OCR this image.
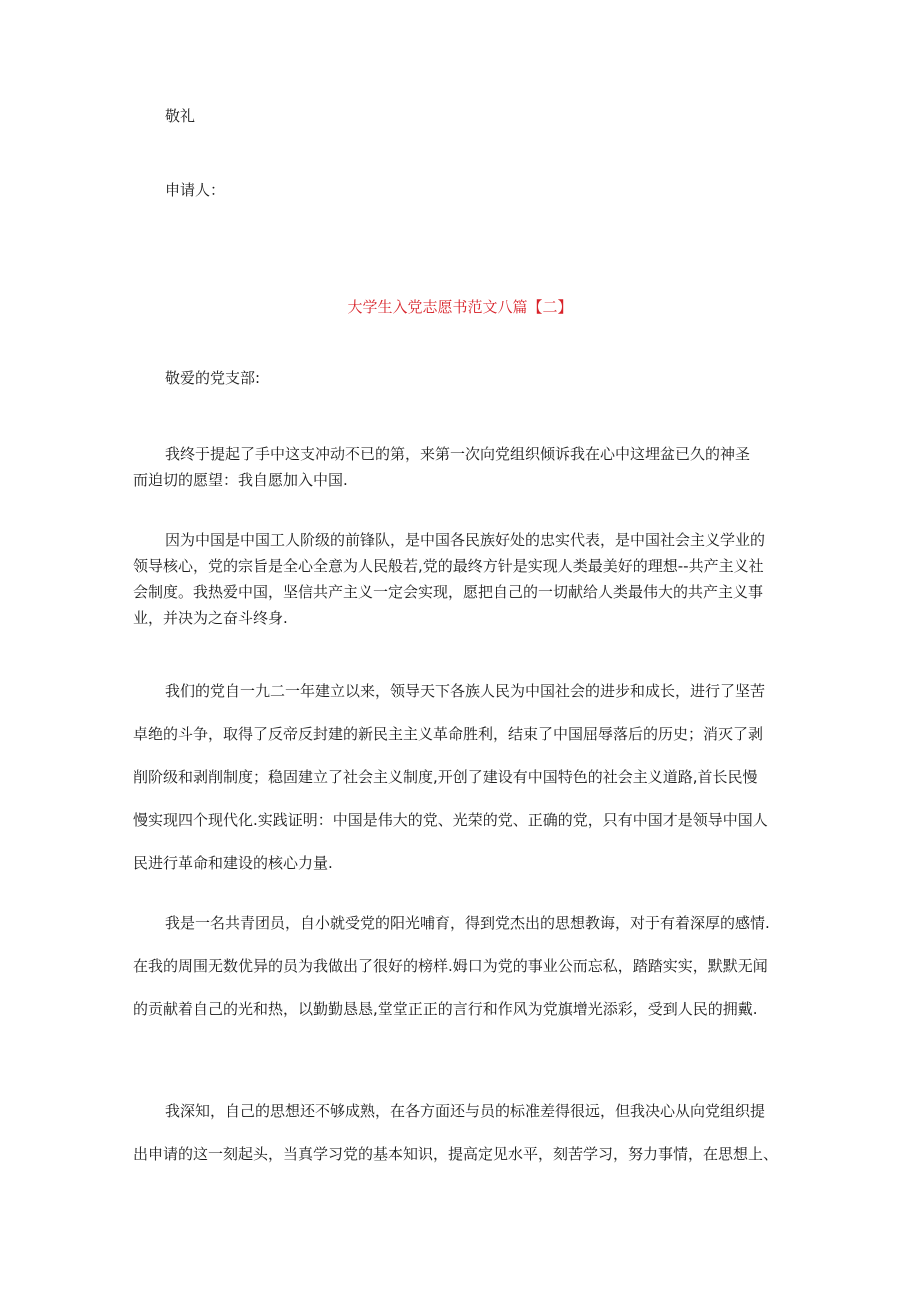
敬礼
申请人：
大学生入党志愿书范文八篇【二】
敬爱的党支部:

我终于提起了手中这支冲动不已的第，来第一次向党组织倾诉我在心中这埋盆已久的神圣
而迫切的愿望：我自愿加入中国.

因为中国是中国工人阶级的前锋队，是中国各民族好处的忠实代表，是中国社会主义学业的
领导核心，党的宗旨是全心全意为人民般若,党的最终方针是实现人类最美好的理想--共产主义社
会制度。我热爱中国，坚信共产主义一定会实现，愿把自己的一切献给人类最伟大的共产主义事
业，并决为之奋斗终身.

我们的党自一九二一年建立以来，领导天下各族人民为中国社会的进步和成长，进行了坚苦
卓绝的斗争，取得了反帝反封建的新民主主义革命胜利，结束了中国屈辱落后的历史；消灭了剥
削阶级和剥削制度；稳固建立了社会主义制度,开创了建设有中国特色的社会主义道路,首长民慢
慢实现四个现代化.实践证明：中国是伟大的党、光荣的党、正确的党，只有中国才是领导中国人
民进行革命和建设的核心力量.

我是一名共青团员，自小就受党的阳光哺育，得到党杰出的思想教诲，对于有着深厚的感情.
在我的周围无数优异的员为我做出了很好的榜样.姆口为党的事业公而忘私，踏踏实实，默默无闻
的贡献着自己的光和热，以勤勤恳恳,堂堂正正的言行和作风为党旗增光添彩，受到人民的拥戴.

我深知，自己的思想还不够成熟，在各方面还与员的标准差得很远，但我决心从向党组织提
出申请的这一刻起头，当真学习党的基本知识，提高定见水平，刻苦学习，努力事情，在思想上、
